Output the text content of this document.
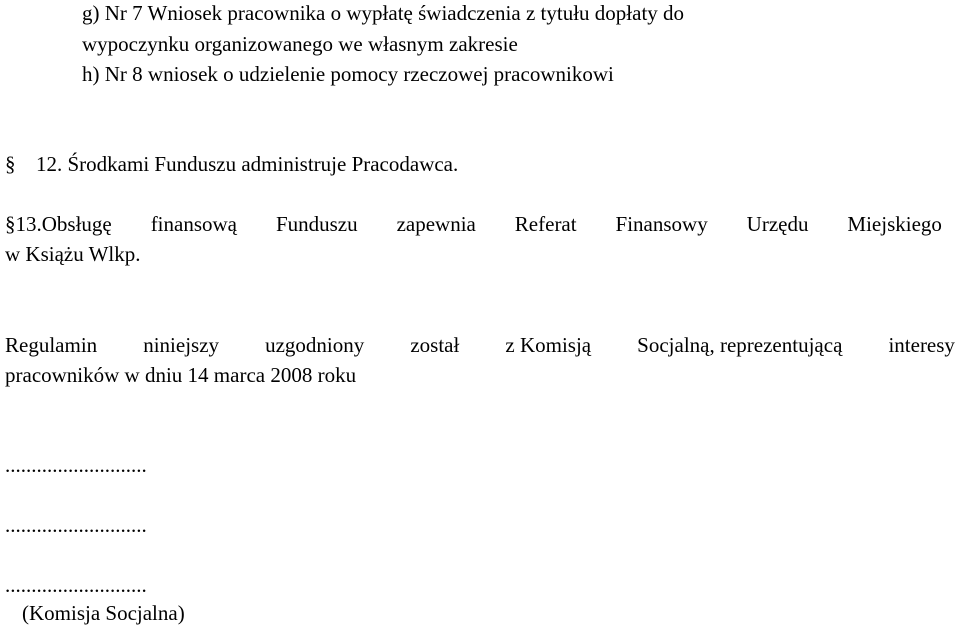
g) Nr 7 Wniosek pracownika o wypłatę świadczenia z tytułu dopłaty do
wypoczynku organizowanego we własnym zakresie
h) Nr 8 wniosek o udzielenie pomocy rzeczowej pracownikowi
§ 12. Środkami Funduszu administruje Pracodawca.
§13.Obsługę finansową Funduszu zapewnia Referat Finansowy Urzędu Miejskiego
w Książu Wlkp.
Regulamin niniejszy uzgodniony został z Komisją Socjalną, reprezentującą interesy
pracowników w dniu 14 marca 2008 roku
...........................
...........................
...........................
(Komisja Socjalna)
